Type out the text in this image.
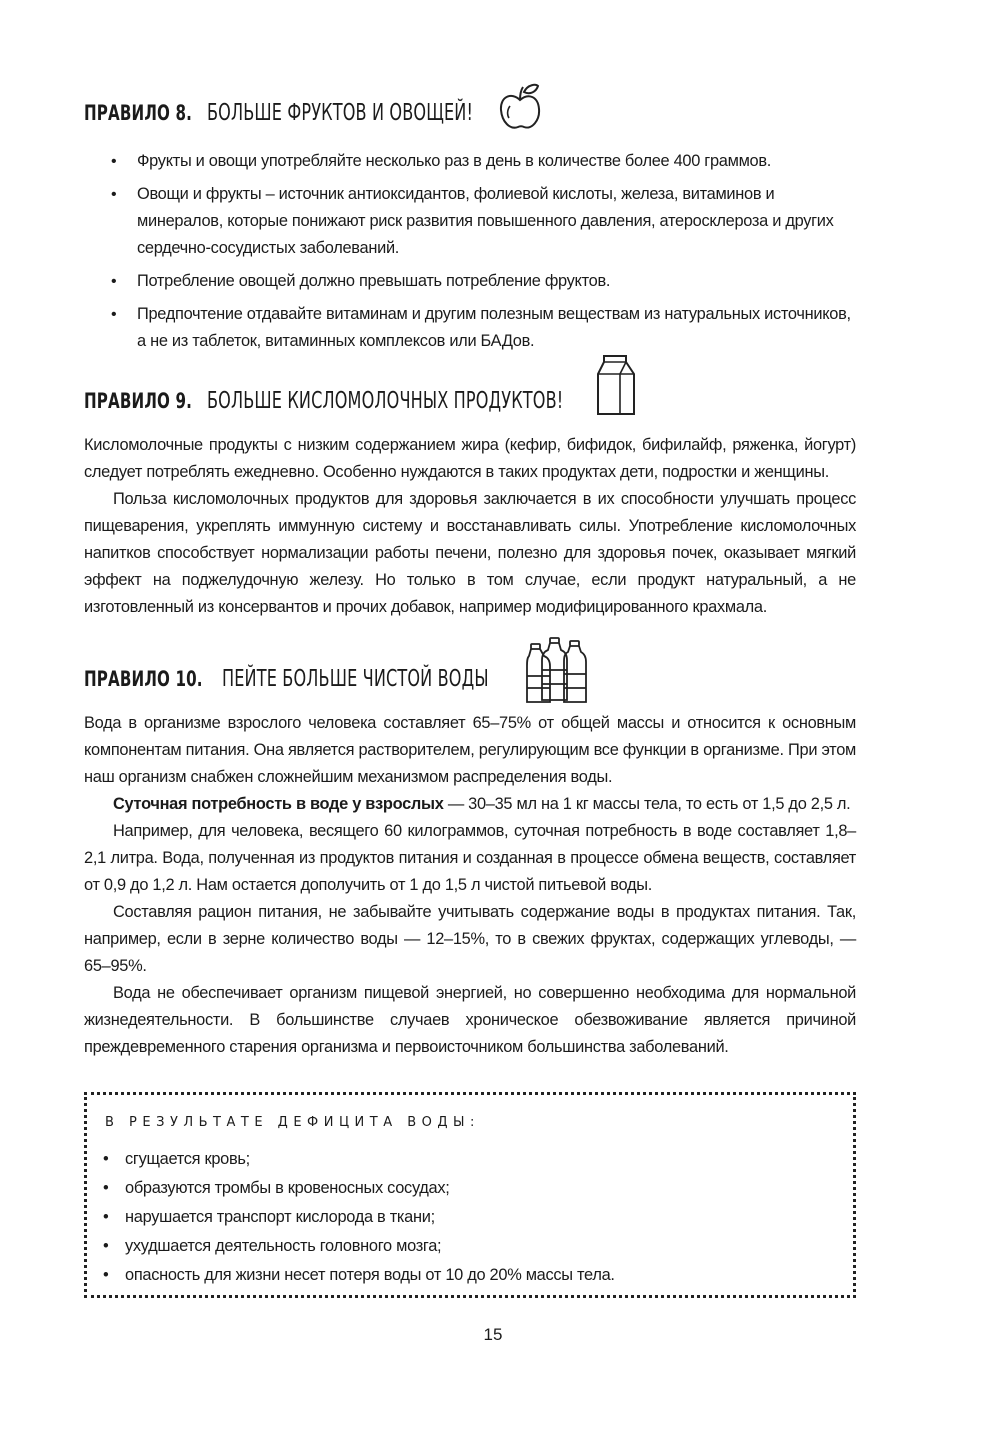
ПРАВИЛО 8. БОЛЬШЕ ФРУКТОВ И ОВОЩЕЙ!
• Фрукты и овощи употребляйте несколько раз в день в количестве более 400 граммов.
• Овощи и фрукты – источник антиоксидантов, фолиевой кислоты, железа, витаминов и минералов, которые понижают риск развития повышенного давления, атеросклероза и других сердечно-сосудистых заболеваний.
• Потребление овощей должно превышать потребление фруктов.
• Предпочтение отдавайте витаминам и другим полезным веществам из натуральных источников, а не из таблеток, витаминных комплексов или БАДов.
ПРАВИЛО 9. БОЛЬШЕ КИСЛОМОЛОЧНЫХ ПРОДУКТОВ!

Кисломолочные продукты с низким содержанием жира (кефир, бифидок, бифилайф, ряженка, йогурт) следует потреблять ежедневно. Особенно нуждаются в таких продуктах дети, подростки и женщины.

Польза кисломолочных продуктов для здоровья заключается в их способности улучшать процесс пищеварения, укреплять иммунную систему и восстанавливать силы. Употребление кисломолочных напитков способствует нормализации работы печени, полезно для здоровья почек, оказывает мягкий эффект на поджелудочную железу. Но только в том случае, если продукт натуральный, а не изготовленный из консервантов и прочих добавок, например модифицированного крахмала.

ПРАВИЛО 10. ПЕЙТЕ БОЛЬШЕ ЧИСТОЙ ВОДЫ

Вода в организме взрослого человека составляет 65–75% от общей массы и относится к основным компонентам питания. Она является растворителем, регулирующим все функции в организме. При этом наш организм снабжен сложнейшим механизмом распределения воды.

Суточная потребность в воде у взрослых — 30–35 мл на 1 кг массы тела, то есть от 1,5 до 2,5 л.

Например, для человека, весящего 60 килограммов, суточная потребность в воде составляет 1,8–2,1 литра. Вода, полученная из продуктов питания и созданная в процессе обмена веществ, составляет от 0,9 до 1,2 л. Нам остается дополучить от 1 до 1,5 л чистой питьевой воды.

Составляя рацион питания, не забывайте учитывать содержание воды в продуктах питания. Так, например, если в зерне количество воды — 12–15%, то в свежих фруктах, содержащих углеводы, — 65–95%.

Вода не обеспечивает организм пищевой энергией, но совершенно необходима для нормальной жизнедеятельности. В большинстве случаев хроническое обезвоживание является причиной преждевременного старения организма и первоисточником большинства заболеваний.

В РЕЗУЛЬТАТЕ ДЕФИЦИТА ВОДЫ:
• сгущается кровь;
• образуются тромбы в кровеносных сосудах;
• нарушается транспорт кислорода в ткани;
• ухудшается деятельность головного мозга;
• опасность для жизни несет потеря воды от 10 до 20% массы тела.
15
